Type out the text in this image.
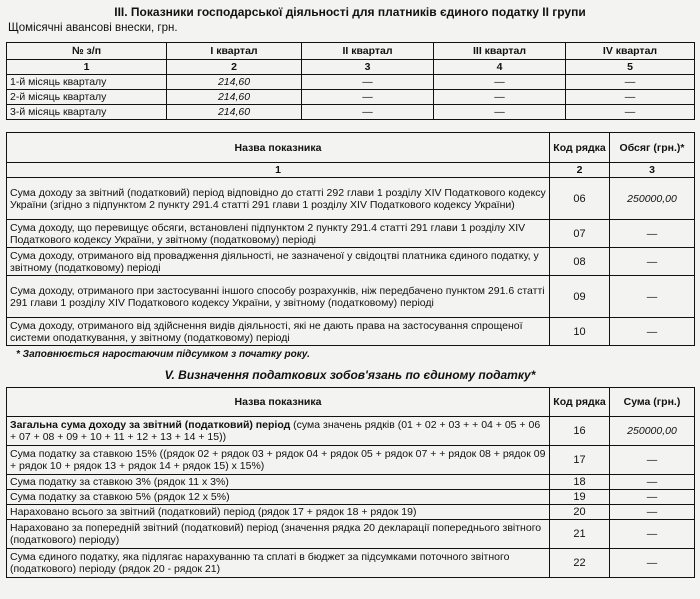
ІІІ. Показники господарської діяльності для платників єдиного податку ІІ групи
Щомісячні авансові внески, грн.
№ з/п	І квартал	ІІ квартал	ІІІ квартал	ІV квартал
1	2	3	4	5
1-й місяць кварталу	214,60	—	—	—
2-й місяць кварталу	214,60	—	—	—
3-й місяць кварталу	214,60	—	—	—
Назва показника	Код рядка	Обсяг (грн.)*
1	2	3
Сума доходу за звітний (податковий) період відповідно до статті 292 глави 1 розділу ХІV Податкового кодексу України (згідно з підпунктом 2 пункту 291.4 статті 291 глави 1 розділу ХІV Податкового кодексу України)	06	250000,00
Сума доходу, що перевищує обсяги, встановлені підпунктом 2 пункту 291.4 статті 291 глави 1 розділу ХІV Податкового кодексу України, у звітному (податковому) періоді	07	—
Сума доходу, отриманого від провадження діяльності, не зазначеної у свідоцтві платника єдиного податку, у звітному (податковому) періоді	08	—
Сума доходу, отриманого при застосуванні іншого способу розрахунків, ніж передбачено пунктом 291.6 статті 291 глави 1 розділу ХІV Податкового кодексу України, у звітному (податковому) періоді	09	—
Сума доходу, отриманого від здійснення видів діяльності, які не дають права на застосування спрощеної системи оподаткування, у звітному (податковому) періоді	10	—
* Заповнюється наростаючим підсумком з початку року.
V. Визначення податкових зобов'язань по єдиному податку*
Назва показника	Код рядка	Сума (грн.)
Загальна сума доходу за звітний (податковий) період (сума значень рядків (01 + 02 + 03 + + 04 + 05 + 06 + 07 + 08 + 09 + 10 + 11 + 12 + 13 + 14 + 15))	16	250000,00
Сума податку за ставкою 15% ((рядок 02 + рядок 03 + рядок 04 + рядок 05 + рядок 07 + + рядок 08 + рядок 09 + рядок 10 + рядок 13 + рядок 14 + рядок 15) х 15%)	17	—
Сума податку за ставкою 3% (рядок 11 х 3%)	18	—
Сума податку за ставкою 5% (рядок 12 х 5%)	19	—
Нараховано всього за звітний (податковий) період (рядок 17 + рядок 18 + рядок 19)	20	—
Нараховано за попередній звітний (податковий) період (значення рядка 20 декларації попереднього звітного (податкового) періоду)	21	—
Сума єдиного податку, яка підлягає нарахуванню та сплаті в бюджет за підсумками поточного звітного (податкового) періоду (рядок 20 - рядок 21)	22	—
